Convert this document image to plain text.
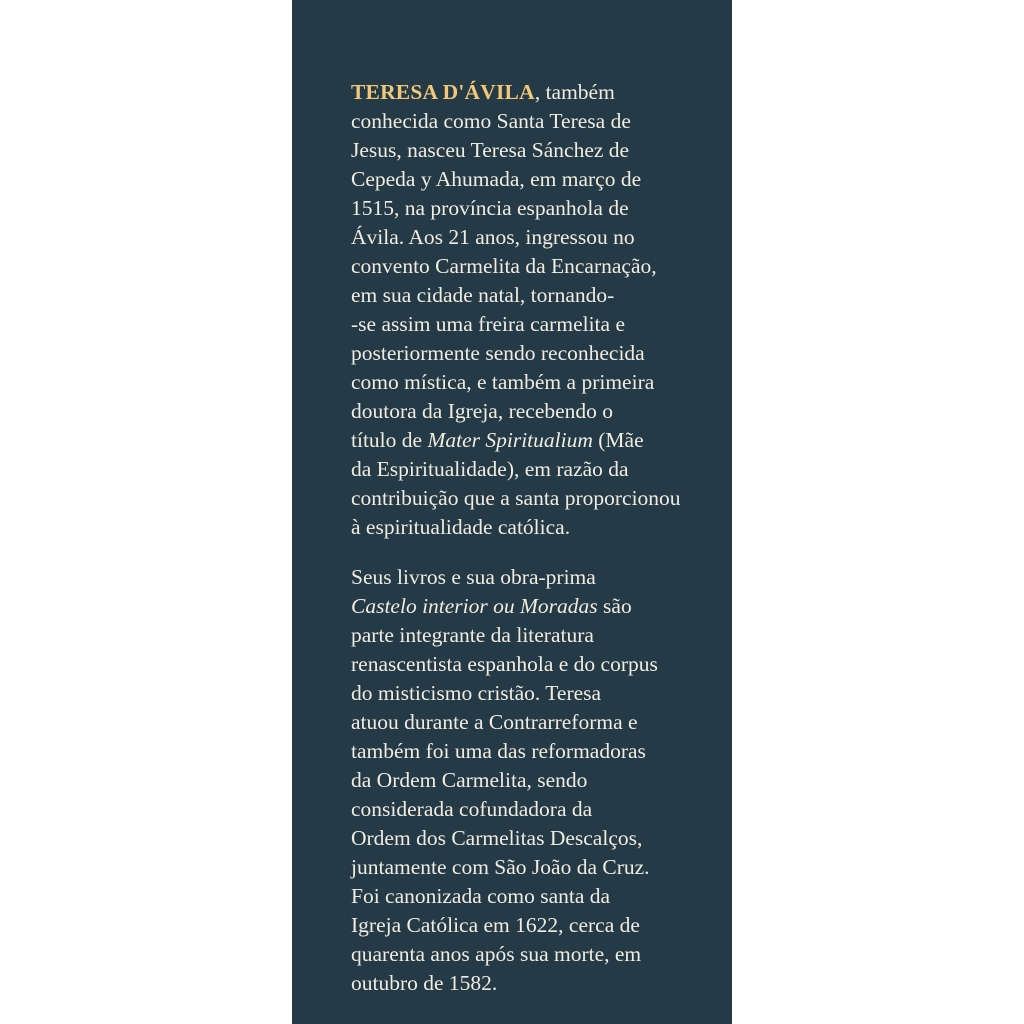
TERESA D'ÁVILA, também
conhecida como Santa Teresa de
Jesus, nasceu Teresa Sánchez de
Cepeda y Ahumada, em março de
1515, na província espanhola de
Ávila. Aos 21 anos, ingressou no
convento Carmelita da Encarnação,
em sua cidade natal, tornando-
-se assim uma freira carmelita e
posteriormente sendo reconhecida
como mística, e também a primeira
doutora da Igreja, recebendo o
título de Mater Spiritualium (Mãe
da Espiritualidade), em razão da
contribuição que a santa proporcionou
à espiritualidade católica.

Seus livros e sua obra-prima
Castelo interior ou Moradas são
parte integrante da literatura
renascentista espanhola e do corpus
do misticismo cristão. Teresa
atuou durante a Contrarreforma e
também foi uma das reformadoras
da Ordem Carmelita, sendo
considerada cofundadora da
Ordem dos Carmelitas Descalços,
juntamente com São João da Cruz.
Foi canonizada como santa da
Igreja Católica em 1622, cerca de
quarenta anos após sua morte, em
outubro de 1582.
